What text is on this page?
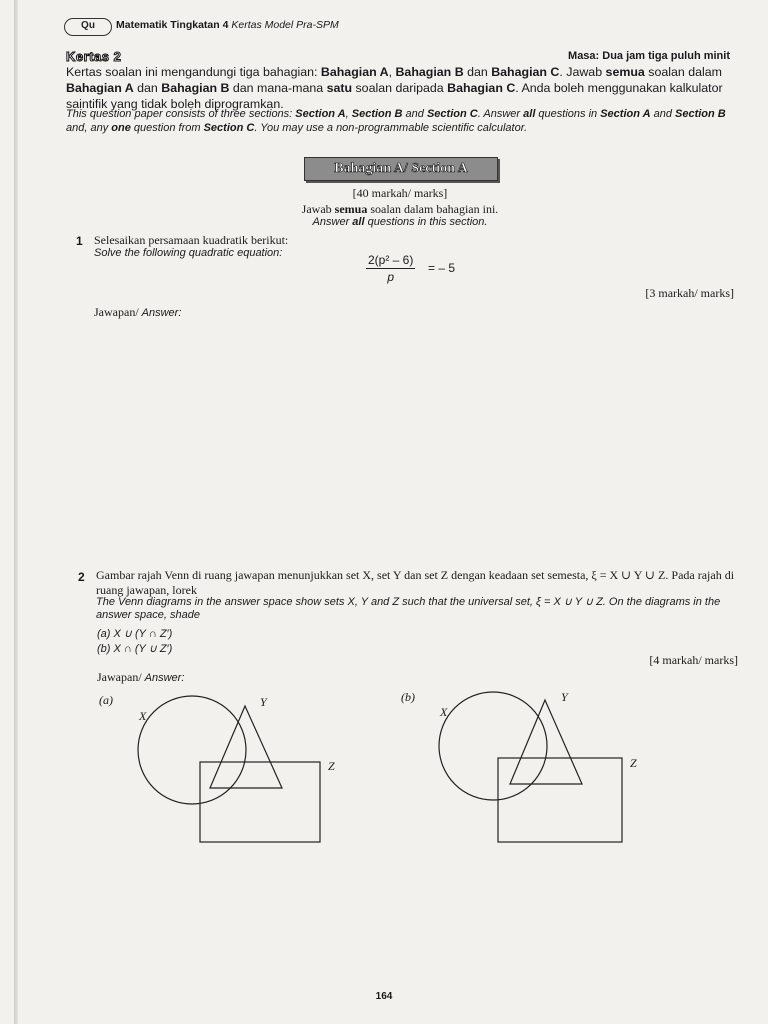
Qu	Matematik Tingkatan 4 Kertas Model Pra-SPM
Kertas 2	Masa: Dua jam tiga puluh minit
Kertas soalan ini mengandungi tiga bahagian: Bahagian A, Bahagian B dan Bahagian C. Jawab semua soalan dalam Bahagian A dan Bahagian B dan mana-mana satu soalan daripada Bahagian C. Anda boleh menggunakan kalkulator saintifik yang tidak boleh diprogramkan.
This question paper consists of three sections: Section A, Section B and Section C. Answer all questions in Section A and Section B and, any one question from Section C. You may use a non-programmable scientific calculator.
Bahagian A/ Section A
[40 markah/ marks]
Jawab semua soalan dalam bahagian ini.
Answer all questions in this section.
1 Selesaikan persamaan kuadratik berikut:
Solve the following quadratic equation:	$\frac{\text{2(p² – 6)}}{p}$ = – 5
[3 markah/ marks]
Jawapan/ Answer:
2 Gambar rajah Venn di ruang jawapan menunjukkan set X, set Y dan set Z dengan keadaan set semesta, ξ = X ∪ Y ∪ Z. Pada rajah di ruang jawapan, lorek
The Venn diagrams in the answer space show sets X, Y and Z such that the universal set, ξ = X ∪ Y ∪ Z. On the diagrams in the answer space, shade
(a) X ∪ (Y ∩ Z′)
(b) X ∩ (Y ∪ Z′)
[4 markah/ marks]
Jawapan/ Answer:
(a)
X
Y
Z
(b)
X
Y
Z
164
